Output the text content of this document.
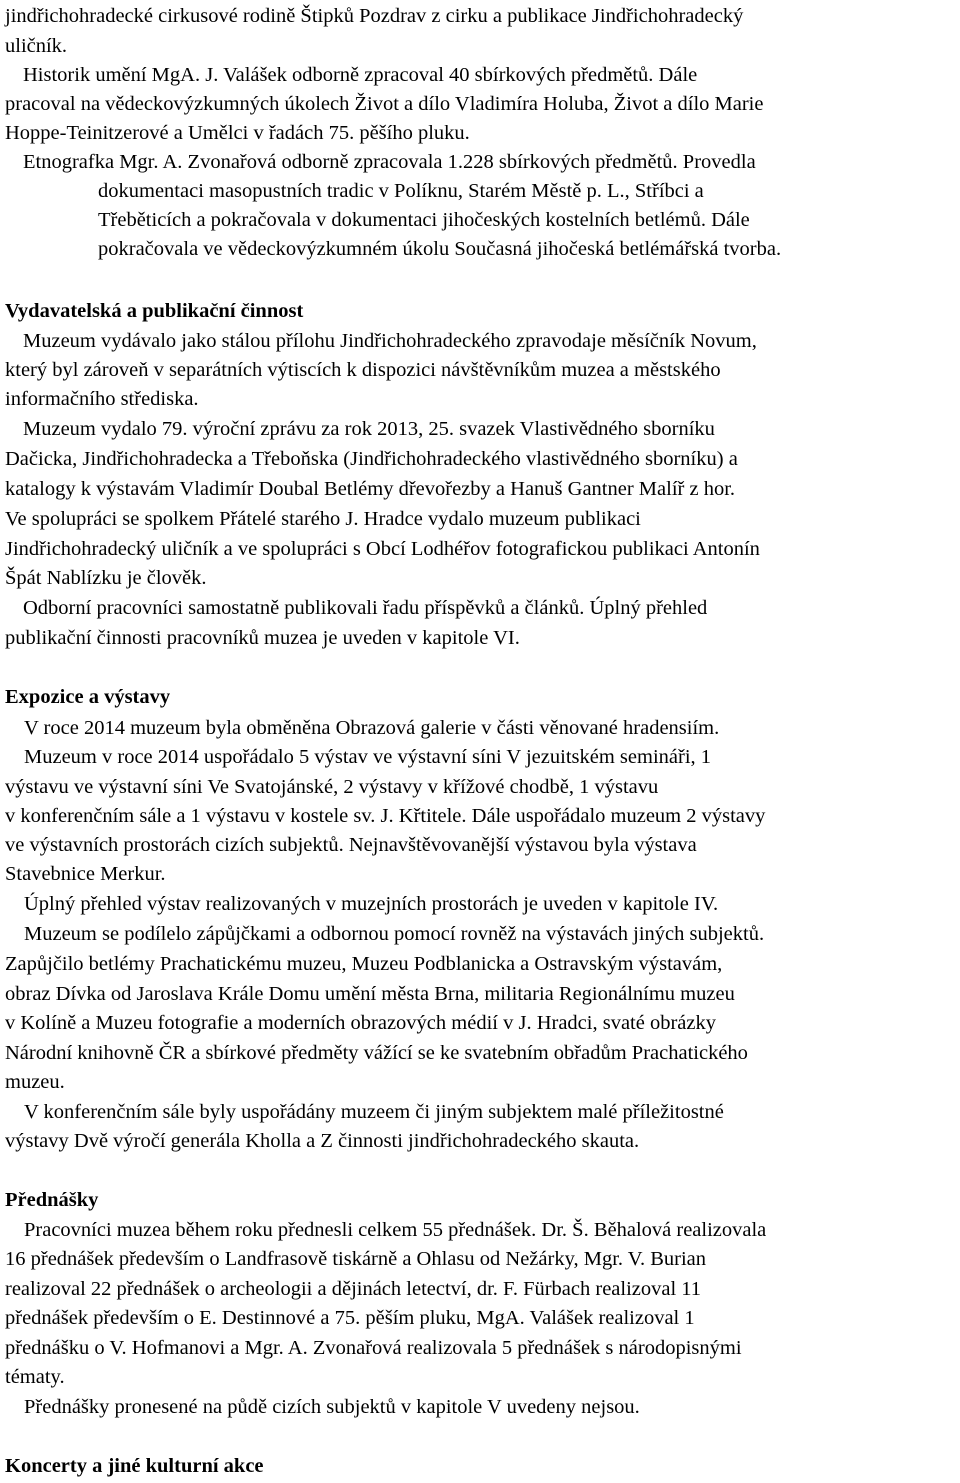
jindřichohradecké cirkusové rodině Štipků Pozdrav z cirku a publikace Jindřichohradecký

uličník.

Historik umění MgA. J. Valášek odborně zpracoval 40 sbírkových předmětů. Dále

pracoval na vědeckovýzkumných úkolech Život a dílo Vladimíra Holuba, Život a dílo Marie

Hoppe-Teinitzerové a Umělci v řadách 75. pěšího pluku.

Etnografka Mgr. A. Zvonařová odborně zpracovala 1.228 sbírkových předmětů. Provedla

dokumentaci masopustních tradic v Políknu, Starém Městě p. L., Stříbci a

Třeběticích a pokračovala v dokumentaci jihočeských kostelních betlémů. Dále

pokračovala ve vědeckovýzkumném úkolu Současná jihočeská betlémářská tvorba.

Vydavatelská a publikační činnost

Muzeum vydávalo jako stálou přílohu Jindřichohradeckého zpravodaje měsíčník Novum,

který byl zároveň v separátních výtiscích k dispozici návštěvníkům muzea a městského

informačního střediska.

Muzeum vydalo 79. výroční zprávu za rok 2013, 25. svazek Vlastivědného sborníku

Dačicka, Jindřichohradecka a Třeboňska (Jindřichohradeckého vlastivědného sborníku) a

katalogy k výstavám Vladimír Doubal Betlémy dřevořezby a Hanuš Gantner Malíř z hor.

Ve spolupráci se spolkem Přátelé starého J. Hradce vydalo muzeum publikaci

Jindřichohradecký uličník a ve spolupráci s Obcí Lodhéřov fotografickou publikaci Antonín

Špát Nablízku je člověk.

Odborní pracovníci samostatně publikovali řadu příspěvků a článků. Úplný přehled

publikační činnosti pracovníků muzea je uveden v kapitole VI.

Expozice a výstavy

V roce 2014 muzeum byla obměněna Obrazová galerie v části věnované hradensiím.

Muzeum v roce 2014 uspořádalo 5 výstav ve výstavní síni V jezuitském semináři, 1

výstavu ve výstavní síni Ve Svatojánské, 2 výstavy v křížové chodbě, 1 výstavu

v konferenčním sále a 1 výstavu v kostele sv. J. Křtitele. Dále uspořádalo muzeum 2 výstavy

ve výstavních prostorách cizích subjektů. Nejnavštěvovanější výstavou byla výstava

Stavebnice Merkur.

Úplný přehled výstav realizovaných v muzejních prostorách je uveden v kapitole IV.

Muzeum se podílelo zápůjčkami a odbornou pomocí rovněž na výstavách jiných subjektů.

Zapůjčilo betlémy Prachatickému muzeu, Muzeu Podblanicka a Ostravským výstavám,

obraz Dívka od Jaroslava Krále Domu umění města Brna, militaria Regionálnímu muzeu

v Kolíně a Muzeu fotografie a moderních obrazových médií v J. Hradci, svaté obrázky

Národní knihovně ČR a sbírkové předměty vážící se ke svatebním obřadům Prachatického

muzeu.

V konferenčním sále byly uspořádány muzeem či jiným subjektem malé příležitostné

výstavy Dvě výročí generála Kholla a Z činnosti jindřichohradeckého skauta.

Přednášky

Pracovníci muzea během roku přednesli celkem 55 přednášek. Dr. Š. Běhalová realizovala

16 přednášek především o Landfrasově tiskárně a Ohlasu od Nežárky, Mgr. V. Burian

realizoval 22 přednášek o archeologii a dějinách letectví, dr. F. Fürbach realizoval 11

přednášek především o E. Destinnové a 75. pěším pluku, MgA. Valášek realizoval 1

přednášku o V. Hofmanovi a Mgr. A. Zvonařová realizovala 5 přednášek s národopisnými

tématy.

Přednášky pronesené na půdě cizích subjektů v kapitole V uvedeny nejsou.

Koncerty a jiné kulturní akce
